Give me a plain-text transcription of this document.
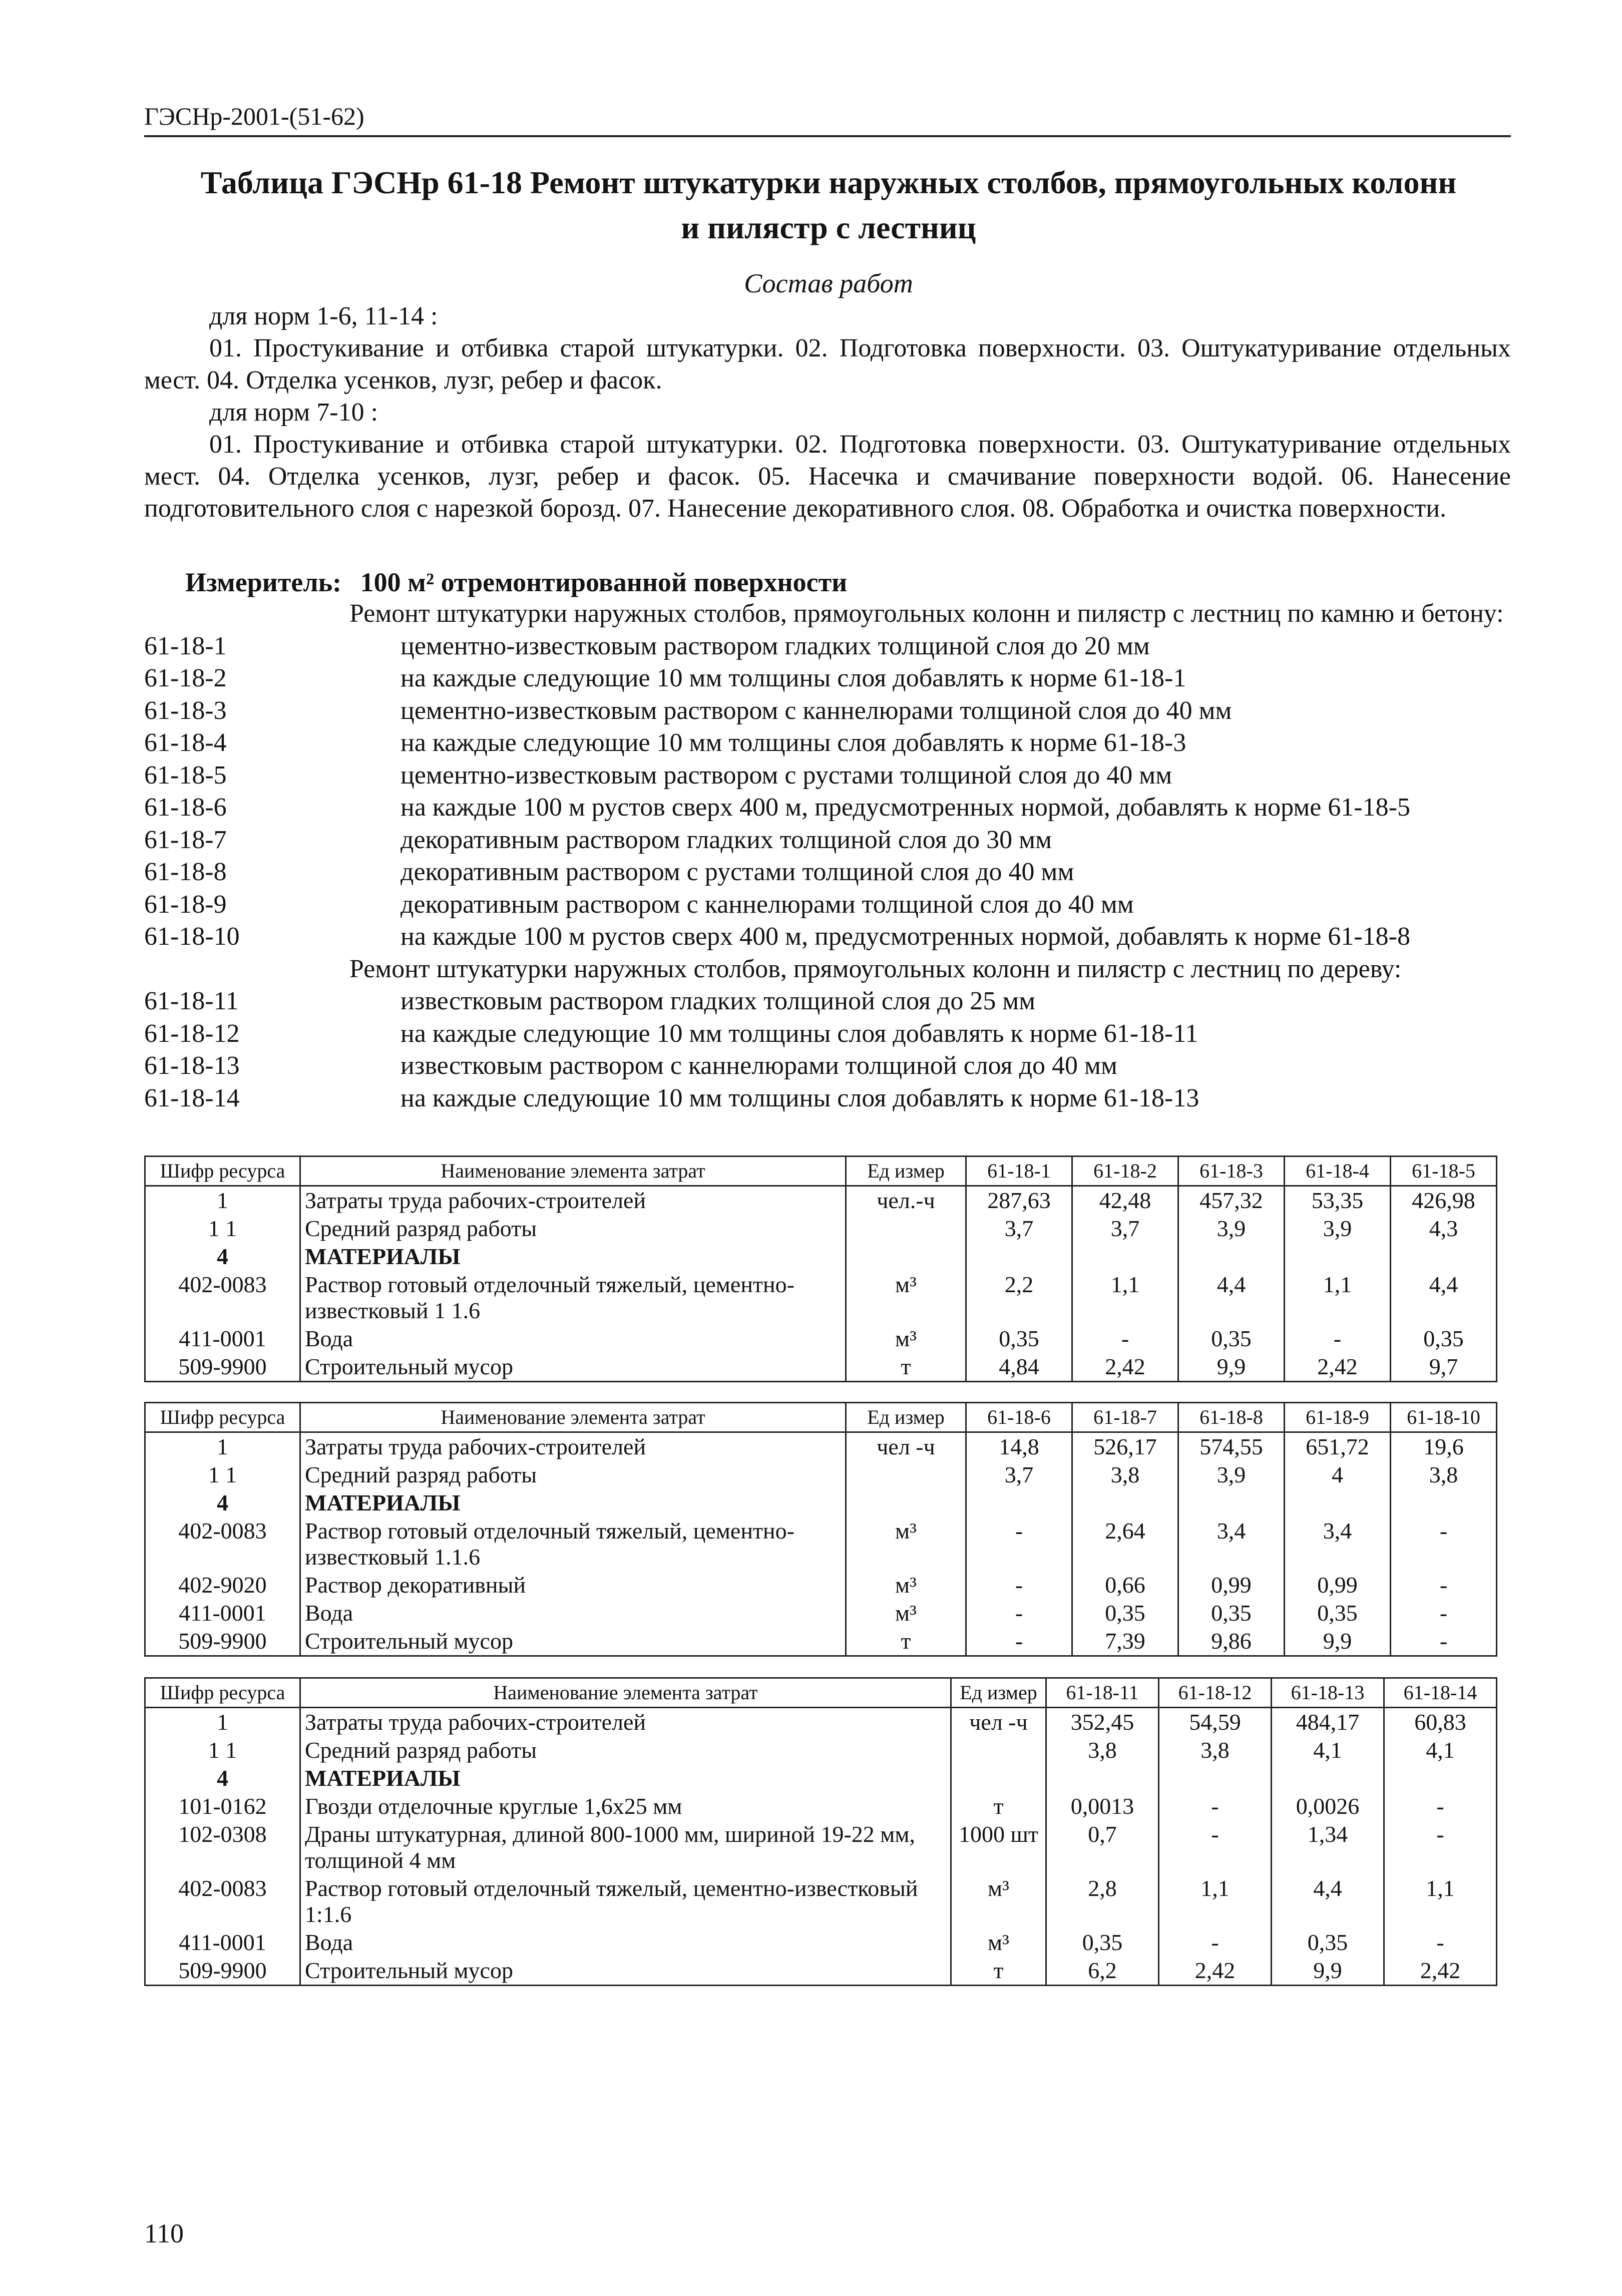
ГЭСНр-2001-(51-62)
Таблица ГЭСНр 61-18 Ремонт штукатурки наружных столбов, прямоугольных колонн
и пилястр с лестниц
Состав работ

для норм 1-6, 11-14 :

01. Простукивание и отбивка старой штукатурки. 02. Подготовка поверхности. 03. Оштукатуривание отдельных мест. 04. Отделка усенков, лузг, ребер и фасок.

для норм 7-10 :

01. Простукивание и отбивка старой штукатурки. 02. Подготовка поверхности. 03. Оштукатуривание отдельных мест. 04. Отделка усенков, лузг, ребер и фасок. 05. Насечка и смачивание поверхности водой. 06. Нанесение подготовительного слоя с нарезкой борозд. 07. Нанесение декоративного слоя. 08. Обработка и очистка поверхности.

Измеритель: 100 м² отремонтированной поверхности
Ремонт штукатурки наружных столбов, прямоугольных колонн и пилястр с лестниц по камню и бетону:
61-18-1	цементно-известковым раствором гладких толщиной слоя до 20 мм
61-18-2	на каждые следующие 10 мм толщины слоя добавлять к норме 61-18-1
61-18-3	цементно-известковым раствором с каннелюрами толщиной слоя до 40 мм
61-18-4	на каждые следующие 10 мм толщины слоя добавлять к норме 61-18-3
61-18-5	цементно-известковым раствором с рустами толщиной слоя до 40 мм
61-18-6	на каждые 100 м рустов сверх 400 м, предусмотренных нормой, добавлять к норме 61-18-5
61-18-7	декоративным раствором гладких толщиной слоя до 30 мм
61-18-8	декоративным раствором с рустами толщиной слоя до 40 мм
61-18-9	декоративным раствором с каннелюрами толщиной слоя до 40 мм
61-18-10	на каждые 100 м рустов сверх 400 м, предусмотренных нормой, добавлять к норме 61-18-8
Ремонт штукатурки наружных столбов, прямоугольных колонн и пилястр с лестниц по дереву:
61-18-11	известковым раствором гладких толщиной слоя до 25 мм
61-18-12	на каждые следующие 10 мм толщины слоя добавлять к норме 61-18-11
61-18-13	известковым раствором с каннелюрами толщиной слоя до 40 мм
61-18-14	на каждые следующие 10 мм толщины слоя добавлять к норме 61-18-13
Шифр ресурса	Наименование элемента затрат	Ед измер	61-18-1	61-18-2	61-18-3	61-18-4	61-18-5
1	Затраты труда рабочих-строителей	чел.-ч	287,63	42,48	457,32	53,35	426,98
1 1	Средний разряд работы		3,7	3,7	3,9	3,9	4,3
4	МАТЕРИАЛЫ						
402-0083	Раствор готовый отделочный тяжелый, цементно-известковый 1 1.6	м³	2,2	1,1	4,4	1,1	4,4
411-0001	Вода	м³	0,35	-	0,35	-	0,35
509-9900	Строительный мусор	т	4,84	2,42	9,9	2,42	9,7
Шифр ресурса	Наименование элемента затрат	Ед измер	61-18-6	61-18-7	61-18-8	61-18-9	61-18-10
1	Затраты труда рабочих-строителей	чел -ч	14,8	526,17	574,55	651,72	19,6
1 1	Средний разряд работы		3,7	3,8	3,9	4	3,8
4	МАТЕРИАЛЫ						
402-0083	Раствор готовый отделочный тяжелый, цементно-известковый 1.1.6	м³	-	2,64	3,4	3,4	-
402-9020	Раствор декоративный	м³	-	0,66	0,99	0,99	-
411-0001	Вода	м³	-	0,35	0,35	0,35	-
509-9900	Строительный мусор	т	-	7,39	9,86	9,9	-
Шифр ресурса	Наименование элемента затрат	Ед измер	61-18-11	61-18-12	61-18-13	61-18-14
1	Затраты труда рабочих-строителей	чел -ч	352,45	54,59	484,17	60,83
1 1	Средний разряд работы		3,8	3,8	4,1	4,1
4	МАТЕРИАЛЫ					
101-0162	Гвозди отделочные круглые 1,6х25 мм	т	0,0013	-	0,0026	-
102-0308	Драны штукатурная, длиной 800-1000 мм, шириной 19-22 мм, толщиной 4 мм	1000 шт	0,7	-	1,34	-
402-0083	Раствор готовый отделочный тяжелый, цементно-известковый 1:1.6	м³	2,8	1,1	4,4	1,1
411-0001	Вода	м³	0,35	-	0,35	-
509-9900	Строительный мусор	т	6,2	2,42	9,9	2,42
110
